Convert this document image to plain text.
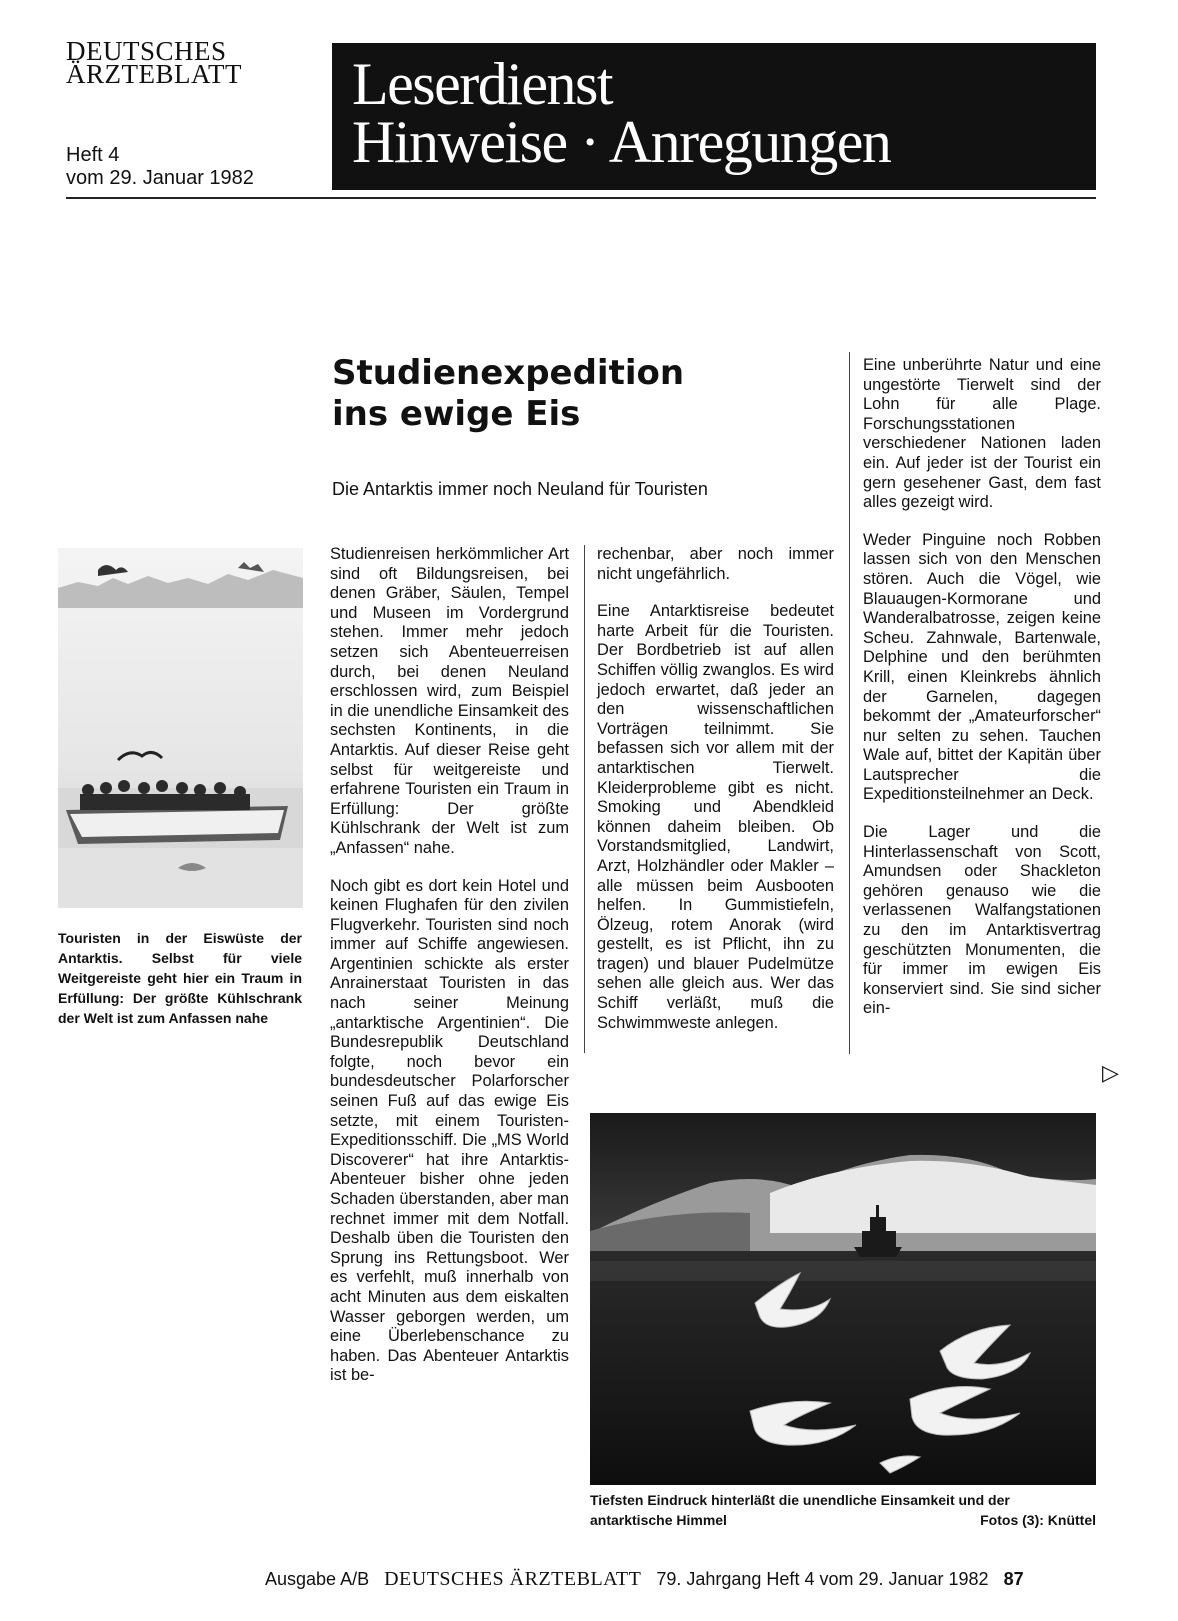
DEUTSCHES
ÄRZTEBLATT
Heft 4
vom 29. Januar 1982
Leserdienst
Hinweise · Anregungen
Studienexpedition
ins ewige Eis
Die Antarktis immer noch Neuland für Touristen
Touristen in der Eiswüste der Antarktis. Selbst für viele Weitgereiste geht hier ein Traum in Erfüllung: Der größte Kühlschrank der Welt ist zum Anfassen nahe

Studienreisen herkömmlicher Art sind oft Bildungsreisen, bei denen Gräber, Säulen, Tempel und Museen im Vordergrund stehen. Immer mehr jedoch setzen sich Abenteuerreisen durch, bei denen Neuland erschlossen wird, zum Beispiel in die unendliche Einsamkeit des sechsten Kontinents, in die Antarktis. Auf dieser Reise geht selbst für weitgereiste und erfahrene Touristen ein Traum in Erfüllung: Der größte Kühlschrank der Welt ist zum „Anfassen“ nahe.

Noch gibt es dort kein Hotel und keinen Flughafen für den zivilen Flugverkehr. Touristen sind noch immer auf Schiffe angewiesen. Argentinien schickte als erster Anrainerstaat Touristen in das nach seiner Meinung „antarktische Argentinien“. Die Bundesrepublik Deutschland folgte, noch bevor ein bundesdeutscher Polarforscher seinen Fuß auf das ewige Eis setzte, mit einem Touristen-Expeditionsschiff. Die „MS World Discoverer“ hat ihre Antarktis-Abenteuer bisher ohne jeden Schaden überstanden, aber man rechnet immer mit dem Notfall. Deshalb üben die Touristen den Sprung ins Rettungsboot. Wer es verfehlt, muß innerhalb von acht Minuten aus dem eiskalten Wasser geborgen werden, um eine Überlebenschance zu haben. Das Abenteuer Antarktis ist be-

rechenbar, aber noch immer nicht ungefährlich.

Eine Antarktisreise bedeutet harte Arbeit für die Touristen. Der Bordbetrieb ist auf allen Schiffen völlig zwanglos. Es wird jedoch erwartet, daß jeder an den wissenschaftlichen Vorträgen teilnimmt. Sie befassen sich vor allem mit der antarktischen Tierwelt. Kleiderprobleme gibt es nicht. Smoking und Abendkleid können daheim bleiben. Ob Vorstandsmitglied, Landwirt, Arzt, Holzhändler oder Makler – alle müssen beim Ausbooten helfen. In Gummistiefeln, Ölzeug, rotem Anorak (wird gestellt, es ist Pflicht, ihn zu tragen) und blauer Pudelmütze sehen alle gleich aus. Wer das Schiff verläßt, muß die Schwimmweste anlegen.

Eine unberührte Natur und eine ungestörte Tierwelt sind der Lohn für alle Plage. Forschungsstationen verschiedener Nationen laden ein. Auf jeder ist der Tourist ein gern gesehener Gast, dem fast alles gezeigt wird.

Weder Pinguine noch Robben lassen sich von den Menschen stören. Auch die Vögel, wie Blauaugen-Kormorane und Wanderalbatrosse, zeigen keine Scheu. Zahnwale, Bartenwale, Delphine und den berühmten Krill, einen Kleinkrebs ähnlich der Garnelen, dagegen bekommt der „Amateurforscher“ nur selten zu sehen. Tauchen Wale auf, bittet der Kapitän über Lautsprecher die Expeditionsteilnehmer an Deck.

Die Lager und die Hinterlassenschaft von Scott, Amundsen oder Shackleton gehören genauso wie die verlassenen Walfangstationen zu den im Antarktisvertrag geschützten Monumenten, die für immer im ewigen Eis konserviert sind. Sie sind sicher ein-

▷
Tiefsten Eindruck hinterläßt die unendliche Einsamkeit und der
antarktische Himmel	Fotos (3): Knüttel
Ausgabe A/B DEUTSCHES ÄRZTEBLATT 79. Jahrgang Heft 4 vom 29. Januar 1982 87
